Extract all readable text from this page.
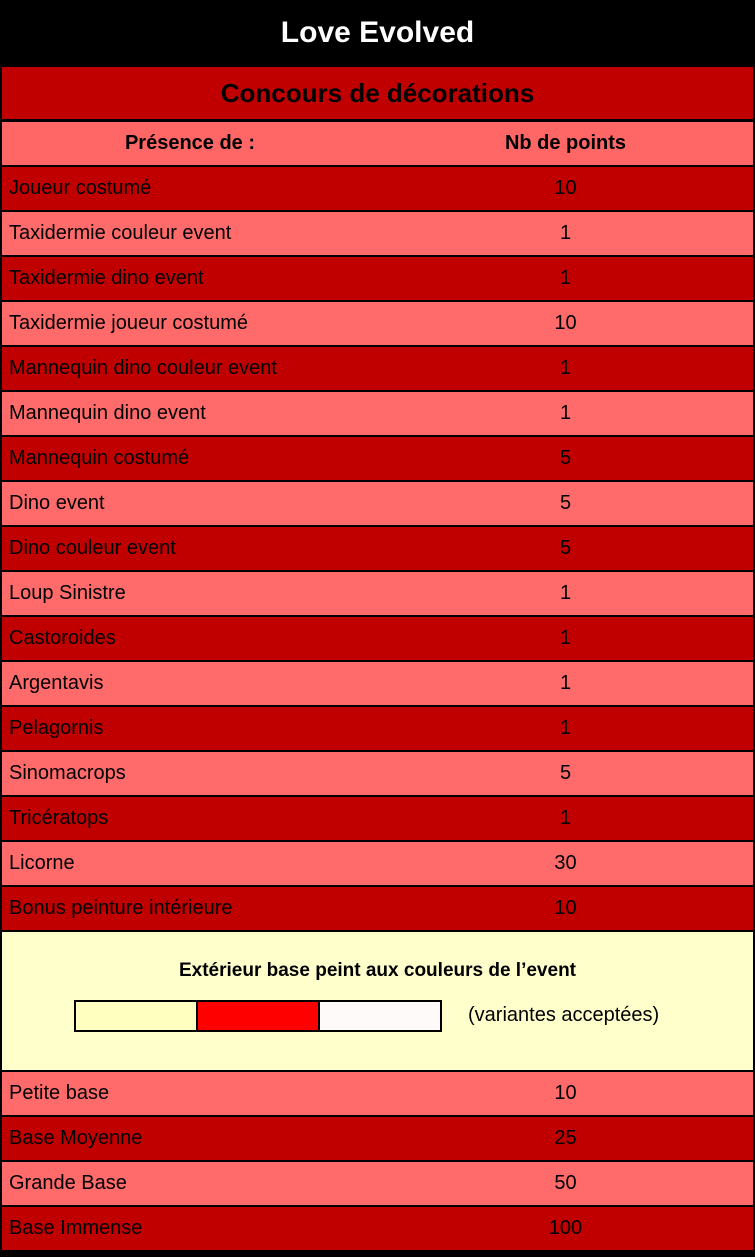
Love Evolved
Concours de décorations
Présence de :	Nb de points
Joueur costumé	10
Taxidermie couleur event	1
Taxidermie dino event	1
Taxidermie joueur costumé	10
Mannequin dino couleur event	1
Mannequin dino event	1
Mannequin costumé	5
Dino event	5
Dino couleur event	5
Loup Sinistre	1
Castoroides	1
Argentavis	1
Pelagornis	1
Sinomacrops	5
Tricératops	1
Licorne	30
Bonus peinture intérieure	10
Extérieur base peint aux couleurs de l’event
(variantes acceptées)
Petite base	10
Base Moyenne	25
Grande Base	50
Base Immense	100
